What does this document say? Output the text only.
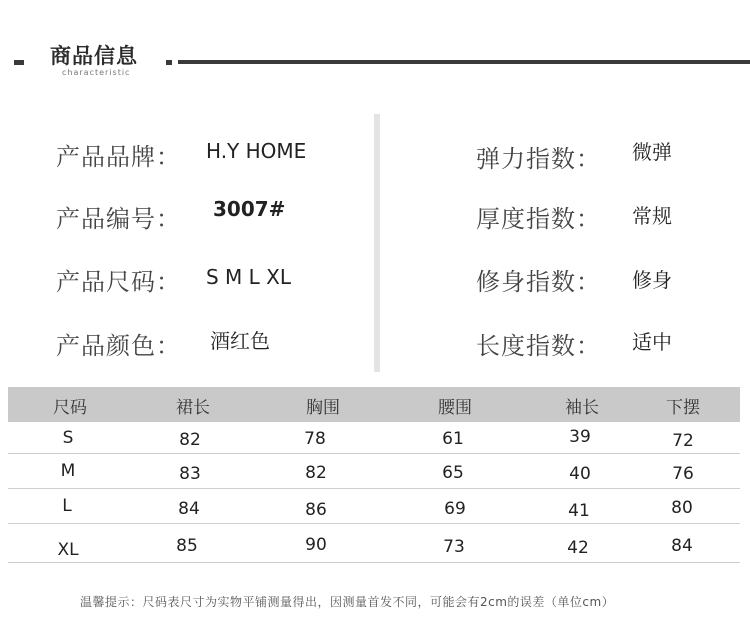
商品信息
characteristic
产品品牌： H.Y HOME
产品编号： 3007#
产品尺码： S M L XL
产品颜色： 酒红色
弹力指数： 微弹
厚度指数： 常规
修身指数： 修身
长度指数： 适中
尺码	裙长	胸围	腰围	袖长	下摆
S	82	78	61	39	72
M	83	82	65	40	76
L	84	86	69	41	80
XL	85	90	73	42	84
温馨提示：尺码表尺寸为实物平铺测量得出，因测量首发不同，可能会有2cm的误差（单位cm）
